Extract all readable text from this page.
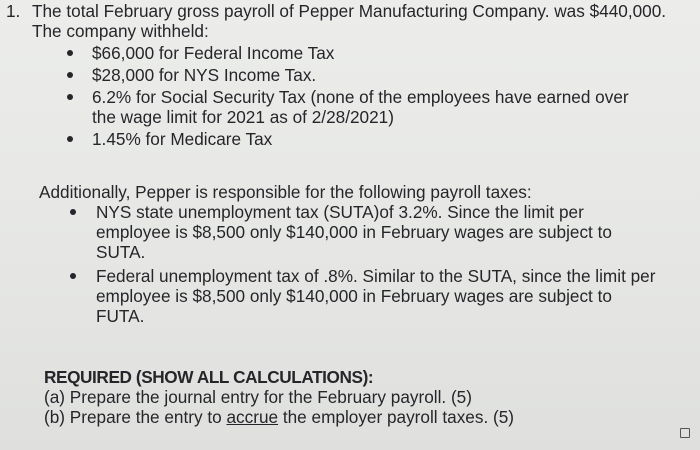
1. The total February gross payroll of Pepper Manufacturing Company. was $440,000.

The company withheld:

$66,000 for Federal Income Tax
$28,000 for NYS Income Tax.
6.2% for Social Security Tax (none of the employees have earned over the wage limit for 2021 as of 2/28/2021)
1.45% for Medicare Tax

Additionally, Pepper is responsible for the following payroll taxes:

NYS state unemployment tax (SUTA)of 3.2%. Since the limit per employee is $8,500 only $140,000 in February wages are subject to SUTA.
Federal unemployment tax of .8%. Similar to the SUTA, since the limit per employee is $8,500 only $140,000 in February wages are subject to FUTA.

REQUIRED (SHOW ALL CALCULATIONS):

(a) Prepare the journal entry for the February payroll. (5)

(b) Prepare the entry to accrue the employer payroll taxes. (5)
